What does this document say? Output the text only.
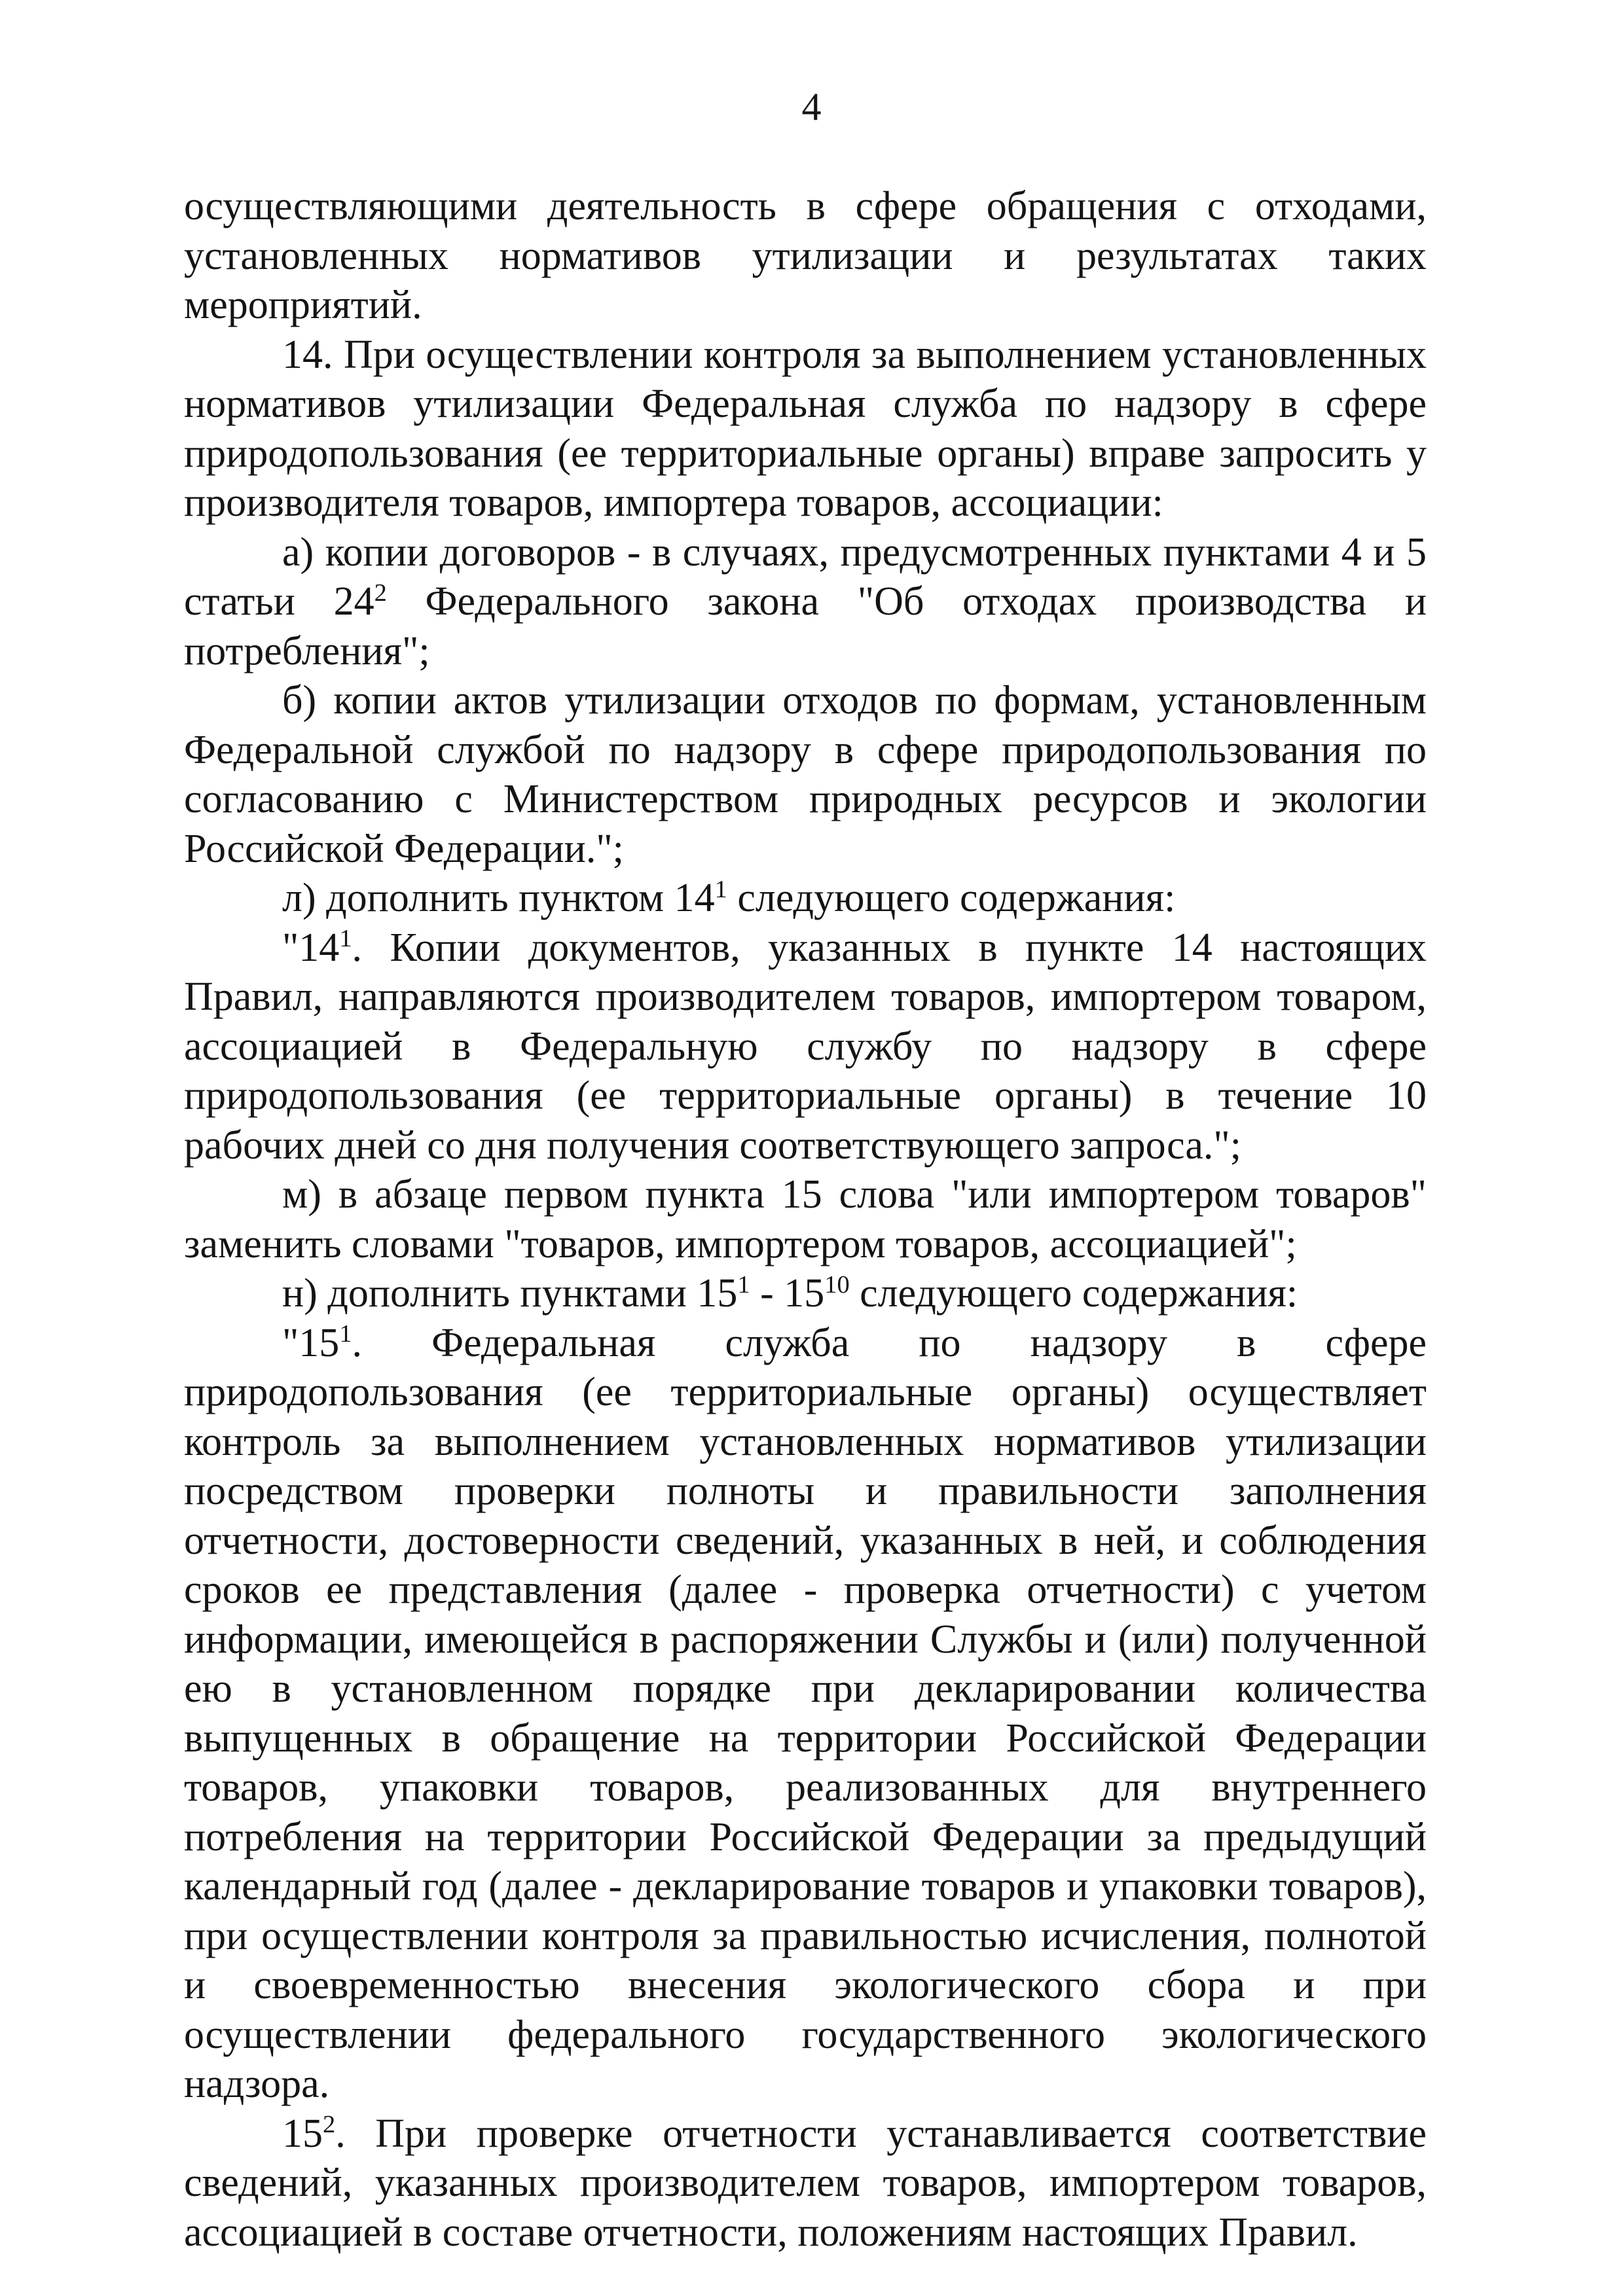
4

осуществляющими деятельность в сфере обращения с отходами, установленных нормативов утилизации и результатах таких мероприятий.

14. При осуществлении контроля за выполнением установленных нормативов утилизации Федеральная служба по надзору в сфере природопользования (ее территориальные органы) вправе запросить у производителя товаров, импортера товаров, ассоциации:

а) копии договоров - в случаях, предусмотренных пунктами 4 и 5 статьи $24^2$ Федерального закона "Об отходах производства и потребления";

б) копии актов утилизации отходов по формам, установленным Федеральной службой по надзору в сфере природопользования по согласованию с Министерством природных ресурсов и экологии Российской Федерации.";

л) дополнить пунктом $14^1$ следующего содержания:

"$14^1$. Копии документов, указанных в пункте 14 настоящих Правил, направляются производителем товаров, импортером товаром, ассоциацией в Федеральную службу по надзору в сфере природопользования (ее территориальные органы) в течение 10 рабочих дней со дня получения соответствующего запроса.";

м) в абзаце первом пункта 15 слова "или импортером товаров" заменить словами "товаров, импортером товаров, ассоциацией";

н) дополнить пунктами $15^1 - 15^{10}$ следующего содержания:

"$15^1$. Федеральная служба по надзору в сфере природопользования (ее территориальные органы) осуществляет контроль за выполнением установленных нормативов утилизации посредством проверки полноты и правильности заполнения отчетности, достоверности сведений, указанных в ней, и соблюдения сроков ее представления (далее - проверка отчетности) с учетом информации, имеющейся в распоряжении Службы и (или) полученной ею в установленном порядке при декларировании количества выпущенных в обращение на территории Российской Федерации товаров, упаковки товаров, реализованных для внутреннего потребления на территории Российской Федерации за предыдущий календарный год (далее - декларирование товаров и упаковки товаров), при осуществлении контроля за правильностью исчисления, полнотой и своевременностью внесения экологического сбора и при осуществлении федерального государственного экологического надзора.

$15^2$. При проверке отчетности устанавливается соответствие сведений, указанных производителем товаров, импортером товаров, ассоциацией в составе отчетности, положениям настоящих Правил.
